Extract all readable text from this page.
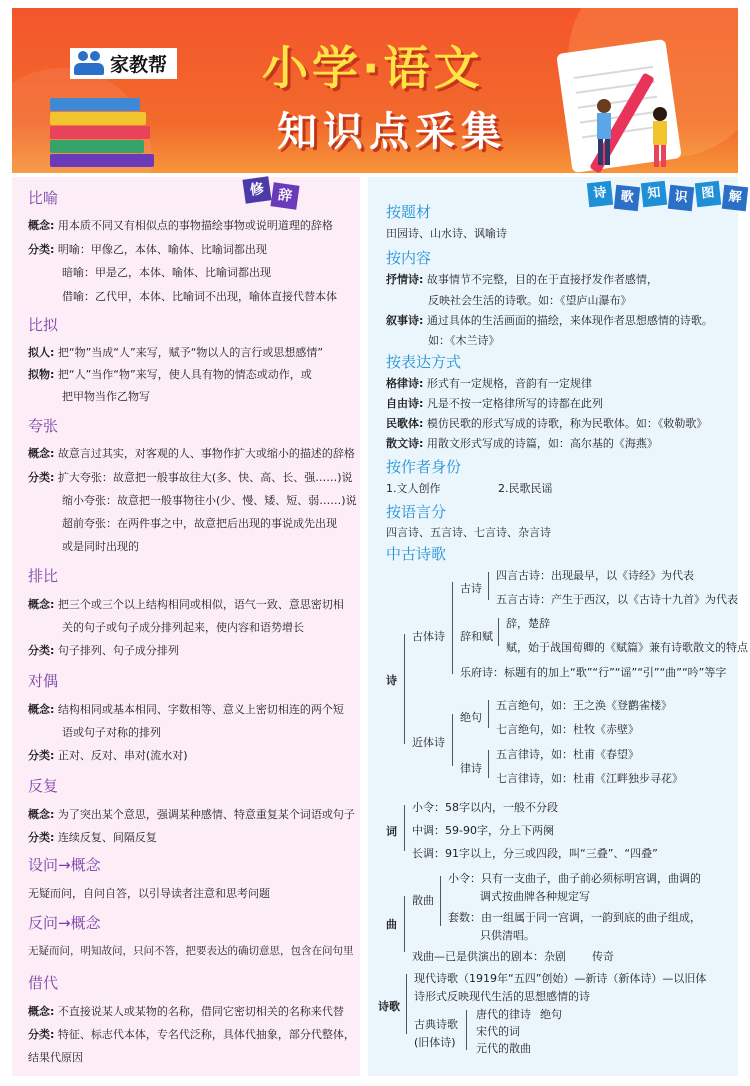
家教帮 小学·语文
知识点采集
修 辞	诗 歌 知 识 图 解
比喻
概念: 用本质不同又有相似点的事物描绘事物或说明道理的辞格
分类: 明喻：甲像乙，本体、喻体、比喻词都出现
暗喻：甲是乙，本体、喻体、比喻词都出现
借喻：乙代甲，本体、比喻词不出现，喻体直接代替本体
比拟
拟人: 把“物”当成“人”来写，赋予“物以人的言行或思想感情”
拟物: 把“人”当作“物”来写，使人具有物的情态或动作，或
把甲物当作乙物写
夸张
概念: 故意言过其实，对客观的人、事物作扩大或缩小的描述的辞格
分类: 扩大夸张：故意把一般事故往大(多、快、高、长、强……)说
缩小夸张：故意把一般事物往小(少、慢、矮、短、弱……)说
超前夸张：在两件事之中，故意把后出现的事说成先出现
或是同时出现的
排比
概念: 把三个或三个以上结构相同或相似，语气一致、意思密切相
关的句子或句子成分排列起来，使内容和语势增长
分类: 句子排列、句子成分排列
对偶
概念: 结构相同或基本相同、字数相等、意义上密切相连的两个短
语或句子对称的排列
分类: 正对、反对、串对(流水对)
反复
概念: 为了突出某个意思，强调某种感情、特意重复某个词语或句子
分类: 连续反复、间隔反复
设问→概念
无疑而问，自问自答，以引导读者注意和思考问题
反问→概念
无疑而问，明知故问，只问不答，把要表达的确切意思，包含在问句里
借代
概念: 不直接说某人或某物的名称，借同它密切相关的名称来代替
分类: 特征、标志代本体，专名代泛称，具体代抽象，部分代整体，
结果代原因
按题材
田园诗、山水诗、讽喻诗
按内容
抒情诗: 故事情节不完整，目的在于直接抒发作者感情，
反映社会生活的诗歌。如：《望庐山瀑布》
叙事诗: 通过具体的生活画面的描绘，来体现作者思想感情的诗歌。
如：《木兰诗》
按表达方式
格律诗: 形式有一定规格，音韵有一定规律
自由诗: 凡是不按一定格律所写的诗都在此列
民歌体: 模仿民歌的形式写成的诗歌，称为民歌体。如：《敕勒歌》
散文诗: 用散文形式写成的诗篇，如：高尔基的《海燕》
按作者身份
1.文人创作	2.民歌民谣
按语言分
四言诗、五言诗、七言诗、杂言诗
中古诗歌
诗
古体诗
古诗
四言古诗：出现最早，以《诗经》为代表
五言古诗：产生于西汉，以《古诗十九首》为代表
辞和赋
辞，楚辞
赋，始于战国荀卿的《赋篇》兼有诗歌散文的特点
乐府诗：标题有的加上“歌”“行”“谣”“引”“曲”“吟”等字
近体诗
绝句
五言绝句，如：王之涣《登鹳雀楼》
七言绝句，如：杜牧《赤壁》
律诗
五言律诗，如：杜甫《春望》
七言律诗，如：杜甫《江畔独步寻花》
词
小令：58字以内，一般不分段
中调：59-90字，分上下两阕
长调：91字以上，分三或四段，叫“三叠”、“四叠”
曲
散曲
小令：只有一支曲子，曲子前必须标明宫调，曲调的
调式按曲牌各种规定写
套数：由一组属于同一宫调，一韵到底的曲子组成，
只供清唱。
戏曲—已是供演出的剧本：杂剧 传奇
诗歌
现代诗歌（1919年“五四”创始）—新诗（新体诗）—以旧体
诗形式反映现代生活的思想感情的诗
古典诗歌
(旧体诗)
唐代的律诗 绝句
宋代的词
元代的散曲
